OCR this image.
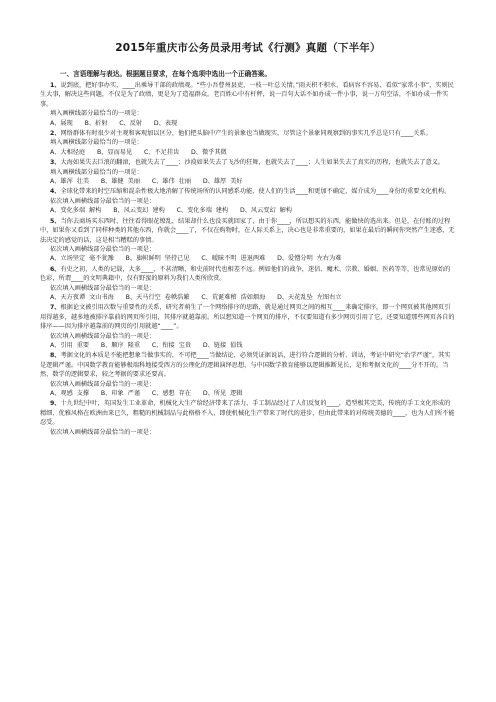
2015年重庆市公务员录用考试《行测》真题（下半年）
一、言语理解与表达。根据题目要求，在每个选项中选出一个正确答案。

1、说到底，把好事办实，____出乘导干部的政绩观。“些小吾曹州县吏，一枝一叶总关情。”雨天积不积水、看病容不容易、看似“家常小事”，实则民生大事，解决这些问题，不仅是为了政绩，更是为了造福群众。老百姓心中有杆秤，说一百句大话不如办成一件小事，说一万句空话，不如办成一件实事。

填入画横线部分最恰当的一项是：

A、展现      B、折射      C、反射      D、表现

2、网络群体有时很少对主观和客观加以区分，他们把头脑中产生的景象也当做现实，尽管这个景象同观察到的事实几乎总是只有____关系。

填入画横线部分最恰当的一项是：

A、大相径庭      B、显而易见      C、不足挂齿      D、微乎其微

3、大海如果失去巨浪的翻滚，也就失去了____；沙漠如果失去了飞沙的狂舞，也就失去了____；人生如果失去了真实的历程，也就失去了意义。

填入画横线部分最恰当的一项是：

A、雄浑  壮美      B、雄健  美丽      C、雄伟  壮丽      D、雄厚  美好

4、全球化带来的时空压缩和混杂性极大地消解了传统场所的认同感系功能，使人们的生活____和更加不确定，媒介成为____身份的重要文化机构。

依次填入画横线部分最恰当的一项是：

A、变化多端  解构      B、风云变幻  建构      C、变化多端  建构      D、风云变幻  解构

5、当你去商场买东西时，往往看得眼花缭乱，结果却什么也没买就回家了，由于你____，所以想买的东西，能做快的选出来。但是，在付账的过程中，如果你又看到了同样种类的其他东西，你就会____了，不仅在购物时，在人际关系上，决心也是非常重要的，如果在最后的瞬间你突然产生迷惑，无法决定的感觉的话，这是相当糟糕的事情。

依次填入画横线部分最恰当的一项是：

A、立场坚定  毫不犹豫      B、旗帜鲜明  坚持己见      C、暧昧不明  进退两难      D、爱憎分明  左右为难

6、有史之初，人类的记载，大多____，不甚清晰，和史前时代也相差不远。例如他们的战争，迷信、魔术、宗教、婚姻、医药等等，也常见原始的色彩，所谓____的文明典籍中，仅有野蛮的原料为我们人类所欣赏。

依次填入画横线部分最恰当的一项是：

A、天方夜谭  文山书海      B、天马行空  卷帙浩繁      C、荒诞难稽  浩如烟海      D、天花乱坠  左图右立

7、根据论文被引用次数与重要性的关系，研究者萌生了一个网络排序的思路，就是通过网页之间的相互____来确定排序，即一个网页被其他网页引用得越多，越多地被排序靠前的网页所引用，其排序就越靠前。所以想知道一个网页的排序，不仅要知道有多少网页引用了它，还要知道那些网页各自的排序——因为排序越靠前的网页的引用就越“____”。

依次填入画横线部分最恰当的一项是：

A、引用  重要      B、顺序  隆重      C、衔接  宝贵      D、链接  值钱

8、考据文化的本质是不能把想象当做事实的，不可把____当做结论，必须凭证据说话，进行符合逻辑的分析、训诂，考证中研究“治学严谨”，其实是逻辑严谨。中国数学教育能够极端科地接受西方的公理化的逻辑演绎思想，与中国数学教育能够以逻辑推断见长，是和考据文化的____分不开的，当然，数学的逻辑要求，较之考据的要求还要高。

依次填入画横线部分最恰当的一项是：

A、观感  支撑      B、印象  严谨      C、感想  存在      D、所见  逻辑

9、十九世纪中叶，英国发生工业革命，机械化大生产给经济带来了活力，手工制品经过了人们反复的____，造型极其完美，传统的手工文化形成的精细、优雅风格在欧洲由来已久，粗糙的机械制品与此格格不入，即使机械化生产带来了时代的进步，但由此带来的对传统美德的____，也为人们所不能忍受。

依次填入画横线部分最恰当的一项是：
